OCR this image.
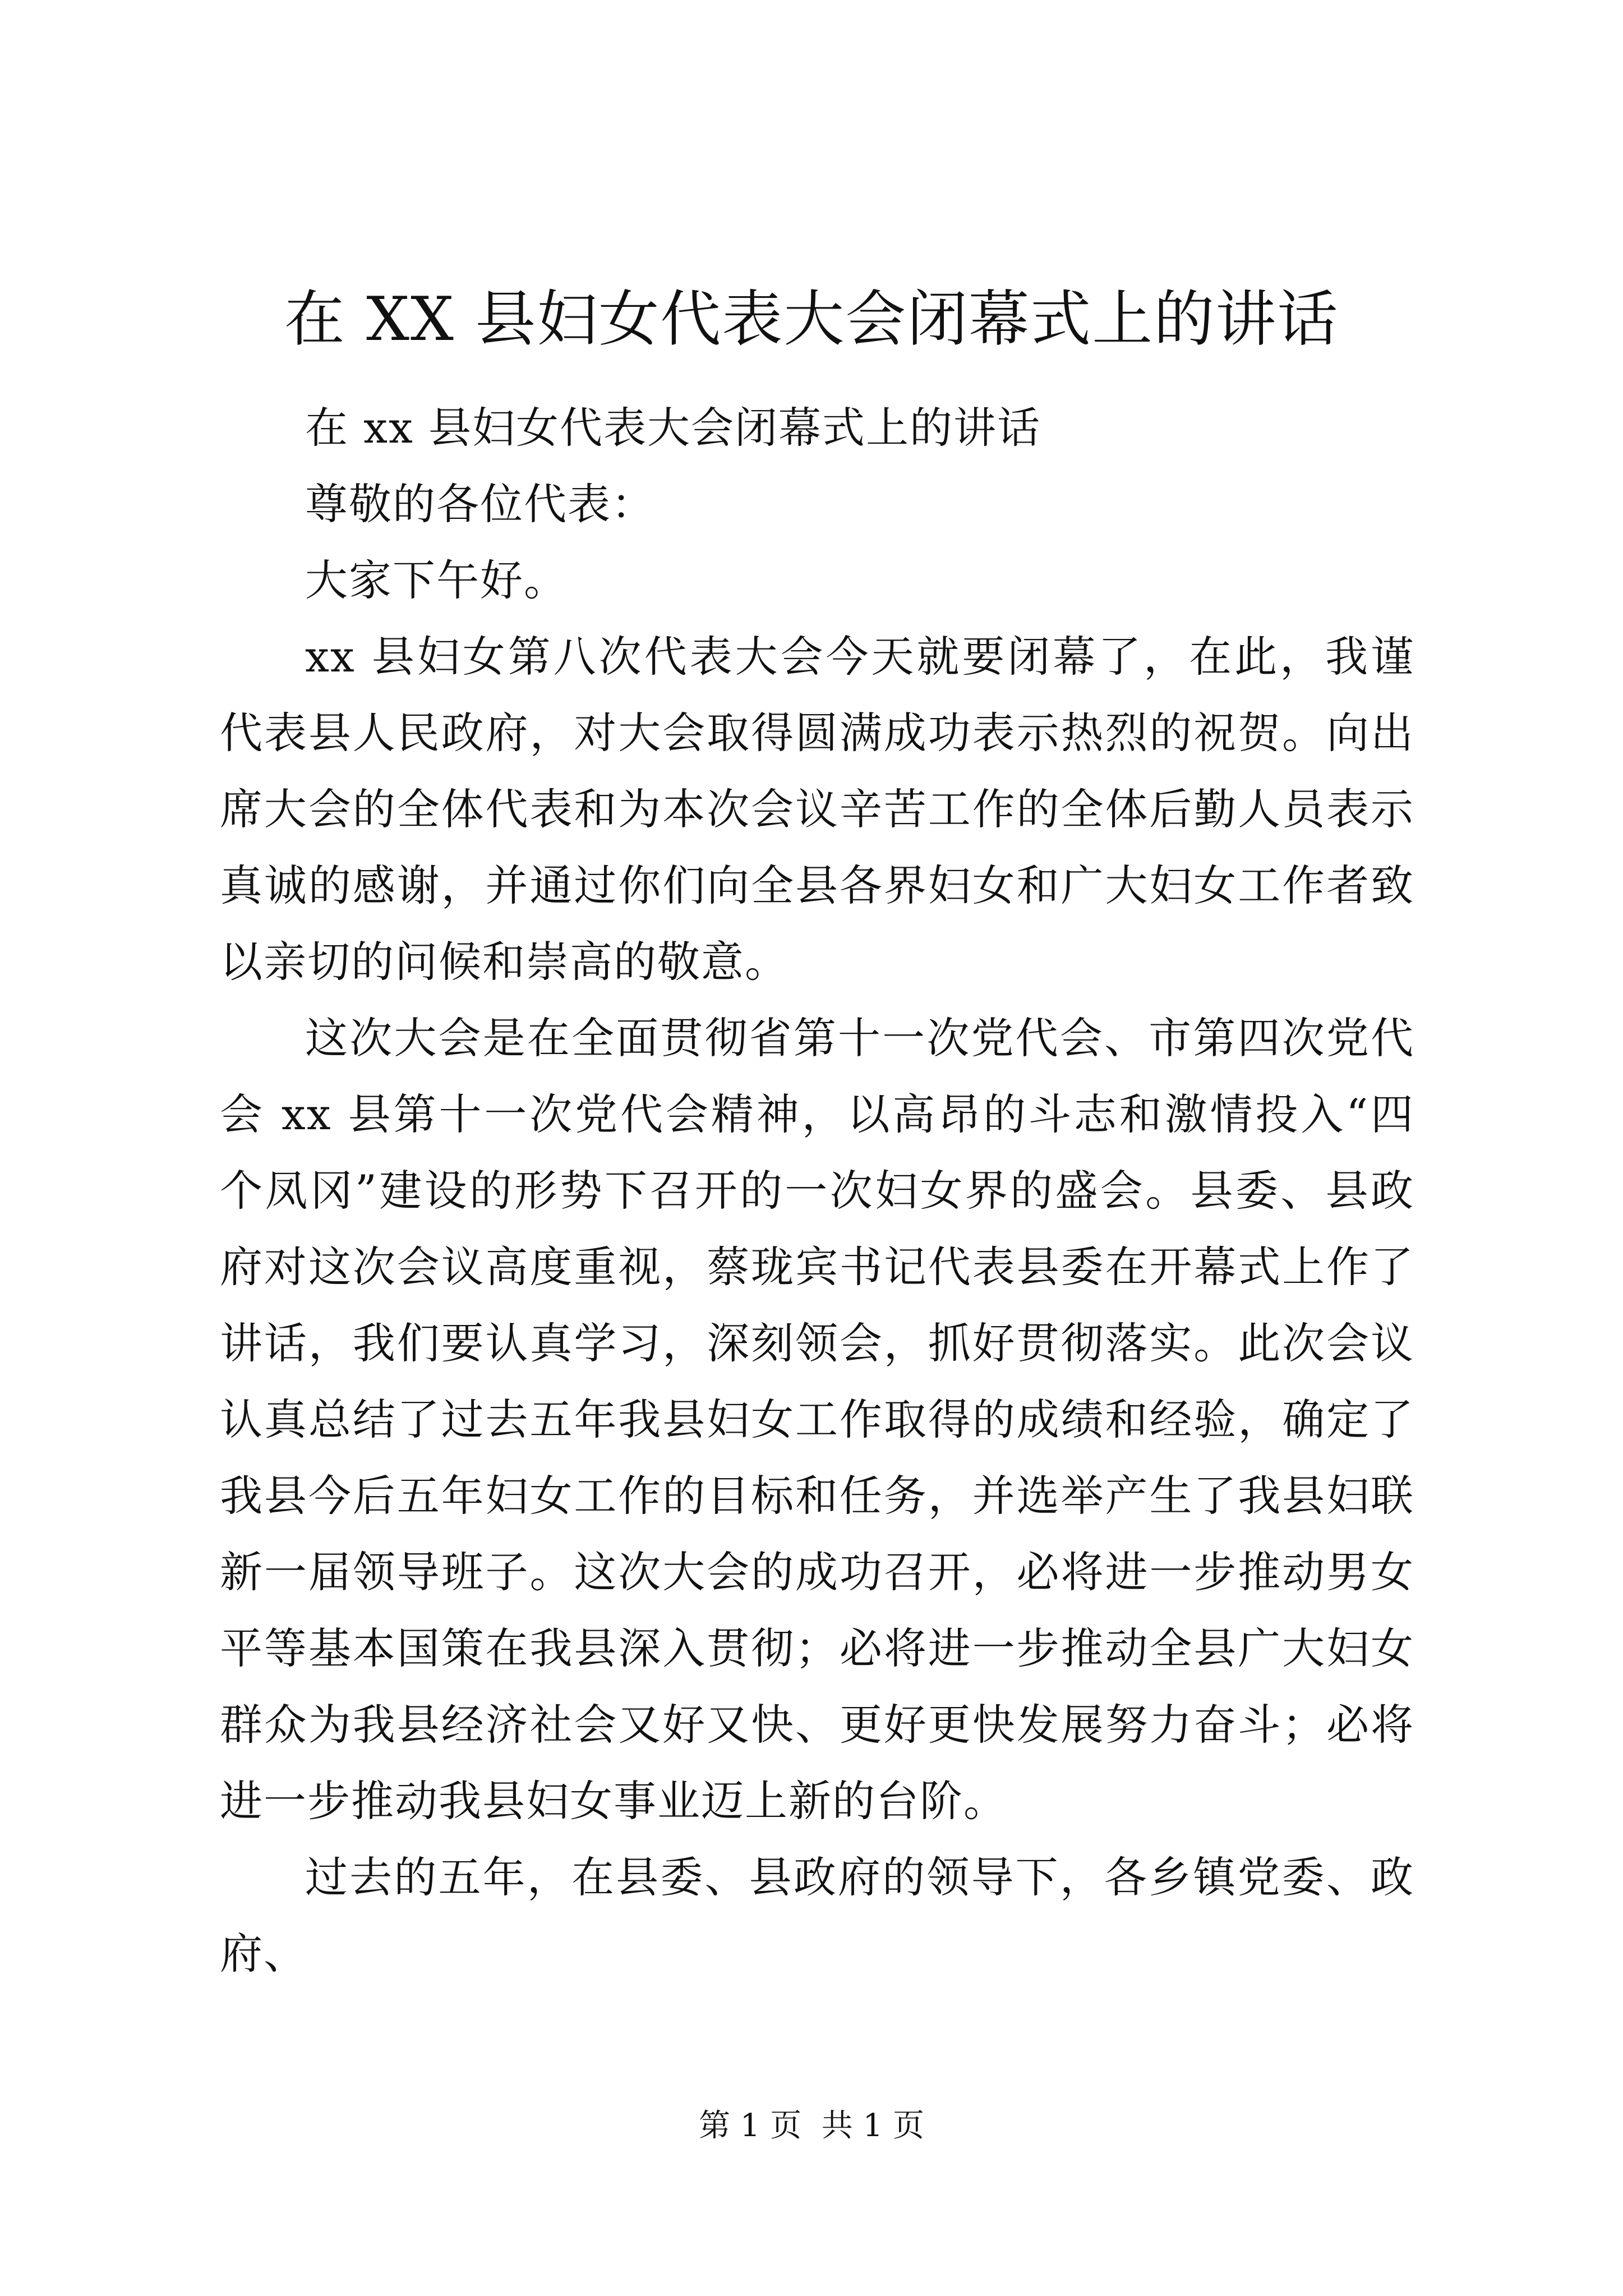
在 XX 县妇女代表大会闭幕式上的讲话

在 xx 县妇女代表大会闭幕式上的讲话

尊敬的各位代表：

大家下午好。

xx 县妇女第八次代表大会今天就要闭幕了，在此，我谨代表县人民政府，对大会取得圆满成功表示热烈的祝贺。向出席大会的全体代表和为本次会议辛苦工作的全体后勤人员表示真诚的感谢，并通过你们向全县各界妇女和广大妇女工作者致以亲切的问候和崇高的敬意。

这次大会是在全面贯彻省第十一次党代会、市第四次党代会 xx 县第十一次党代会精神，以高昂的斗志和激情投入“四个凤冈”建设的形势下召开的一次妇女界的盛会。县委、县政府对这次会议高度重视，蔡珑宾书记代表县委在开幕式上作了讲话，我们要认真学习，深刻领会，抓好贯彻落实。此次会议认真总结了过去五年我县妇女工作取得的成绩和经验，确定了我县今后五年妇女工作的目标和任务，并选举产生了我县妇联新一届领导班子。这次大会的成功召开，必将进一步推动男女平等基本国策在我县深入贯彻；必将进一步推动全县广大妇女群众为我县经济社会又好又快、更好更快发展努力奋斗；必将进一步推动我县妇女事业迈上新的台阶。

过去的五年，在县委、县政府的领导下，各乡镇党委、政府、

第 1 页  共 1 页
